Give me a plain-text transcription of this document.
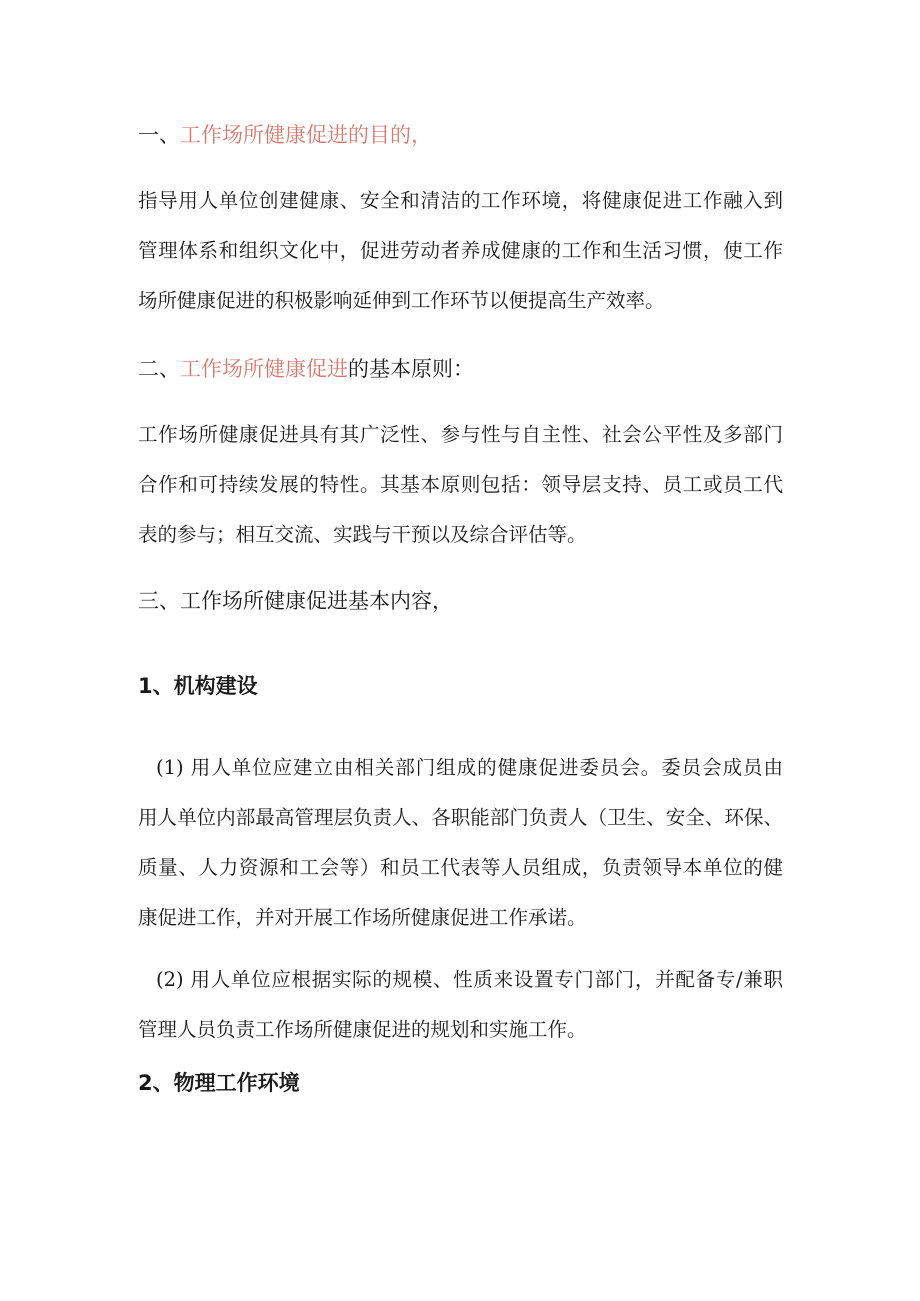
一、工作场所健康促进的目的，

指导用人单位创建健康、安全和清洁的工作环境，将健康促进工作融入到
管理体系和组织文化中，促进劳动者养成健康的工作和生活习惯，使工作
场所健康促进的积极影响延伸到工作环节以便提高生产效率。

二、工作场所健康促进的基本原则：

工作场所健康促进具有其广泛性、参与性与自主性、社会公平性及多部门
合作和可持续发展的特性。其基本原则包括：领导层支持、员工或员工代
表的参与；相互交流、实践与干预以及综合评估等。

三、工作场所健康促进基本内容，
1、机构建设

(1) 用人单位应建立由相关部门组成的健康促进委员会。委员会成员由
用人单位内部最高管理层负责人、各职能部门负责人（卫生、安全、环保、
质量、人力资源和工会等）和员工代表等人员组成，负责领导本单位的健
康促进工作，并对开展工作场所健康促进工作承诺。

(2) 用人单位应根据实际的规模、性质来设置专门部门，并配备专/兼职
管理人员负责工作场所健康促进的规划和实施工作。

2、物理工作环境
